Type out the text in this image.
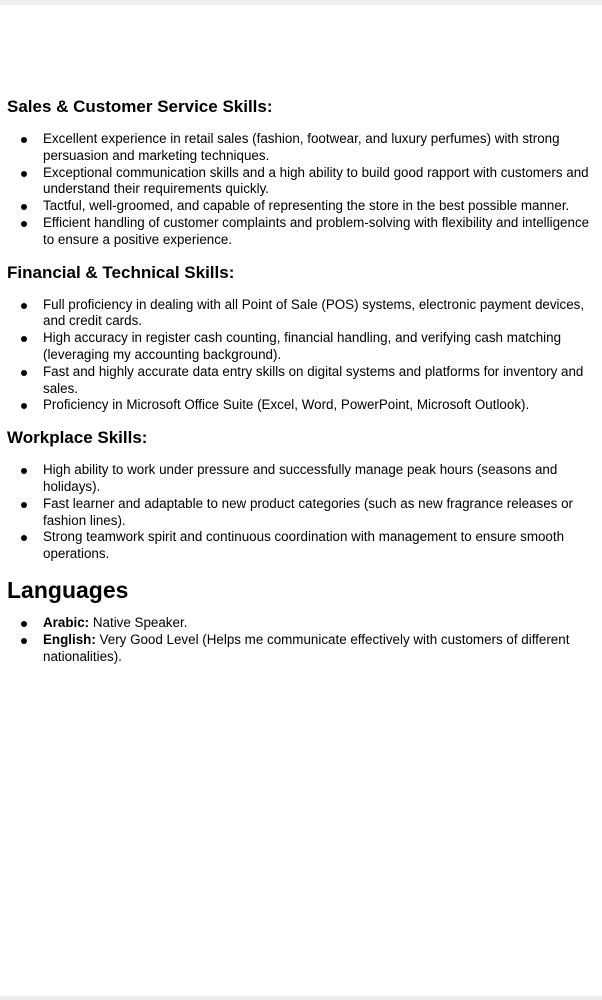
Sales & Customer Service Skills:
Excellent experience in retail sales (fashion, footwear, and luxury perfumes) with strong persuasion and marketing techniques.
Exceptional communication skills and a high ability to build good rapport with customers and understand their requirements quickly.
Tactful, well-groomed, and capable of representing the store in the best possible manner.
Efficient handling of customer complaints and problem-solving with flexibility and intelligence to ensure a positive experience.
Financial & Technical Skills:
Full proficiency in dealing with all Point of Sale (POS) systems, electronic payment devices, and credit cards.
High accuracy in register cash counting, financial handling, and verifying cash matching (leveraging my accounting background).
Fast and highly accurate data entry skills on digital systems and platforms for inventory and sales.
Proficiency in Microsoft Office Suite (Excel, Word, PowerPoint, Microsoft Outlook).
Workplace Skills:
High ability to work under pressure and successfully manage peak hours (seasons and holidays).
Fast learner and adaptable to new product categories (such as new fragrance releases or fashion lines).
Strong teamwork spirit and continuous coordination with management to ensure smooth operations.
Languages
Arabic: Native Speaker.
English: Very Good Level (Helps me communicate effectively with customers of different nationalities).
